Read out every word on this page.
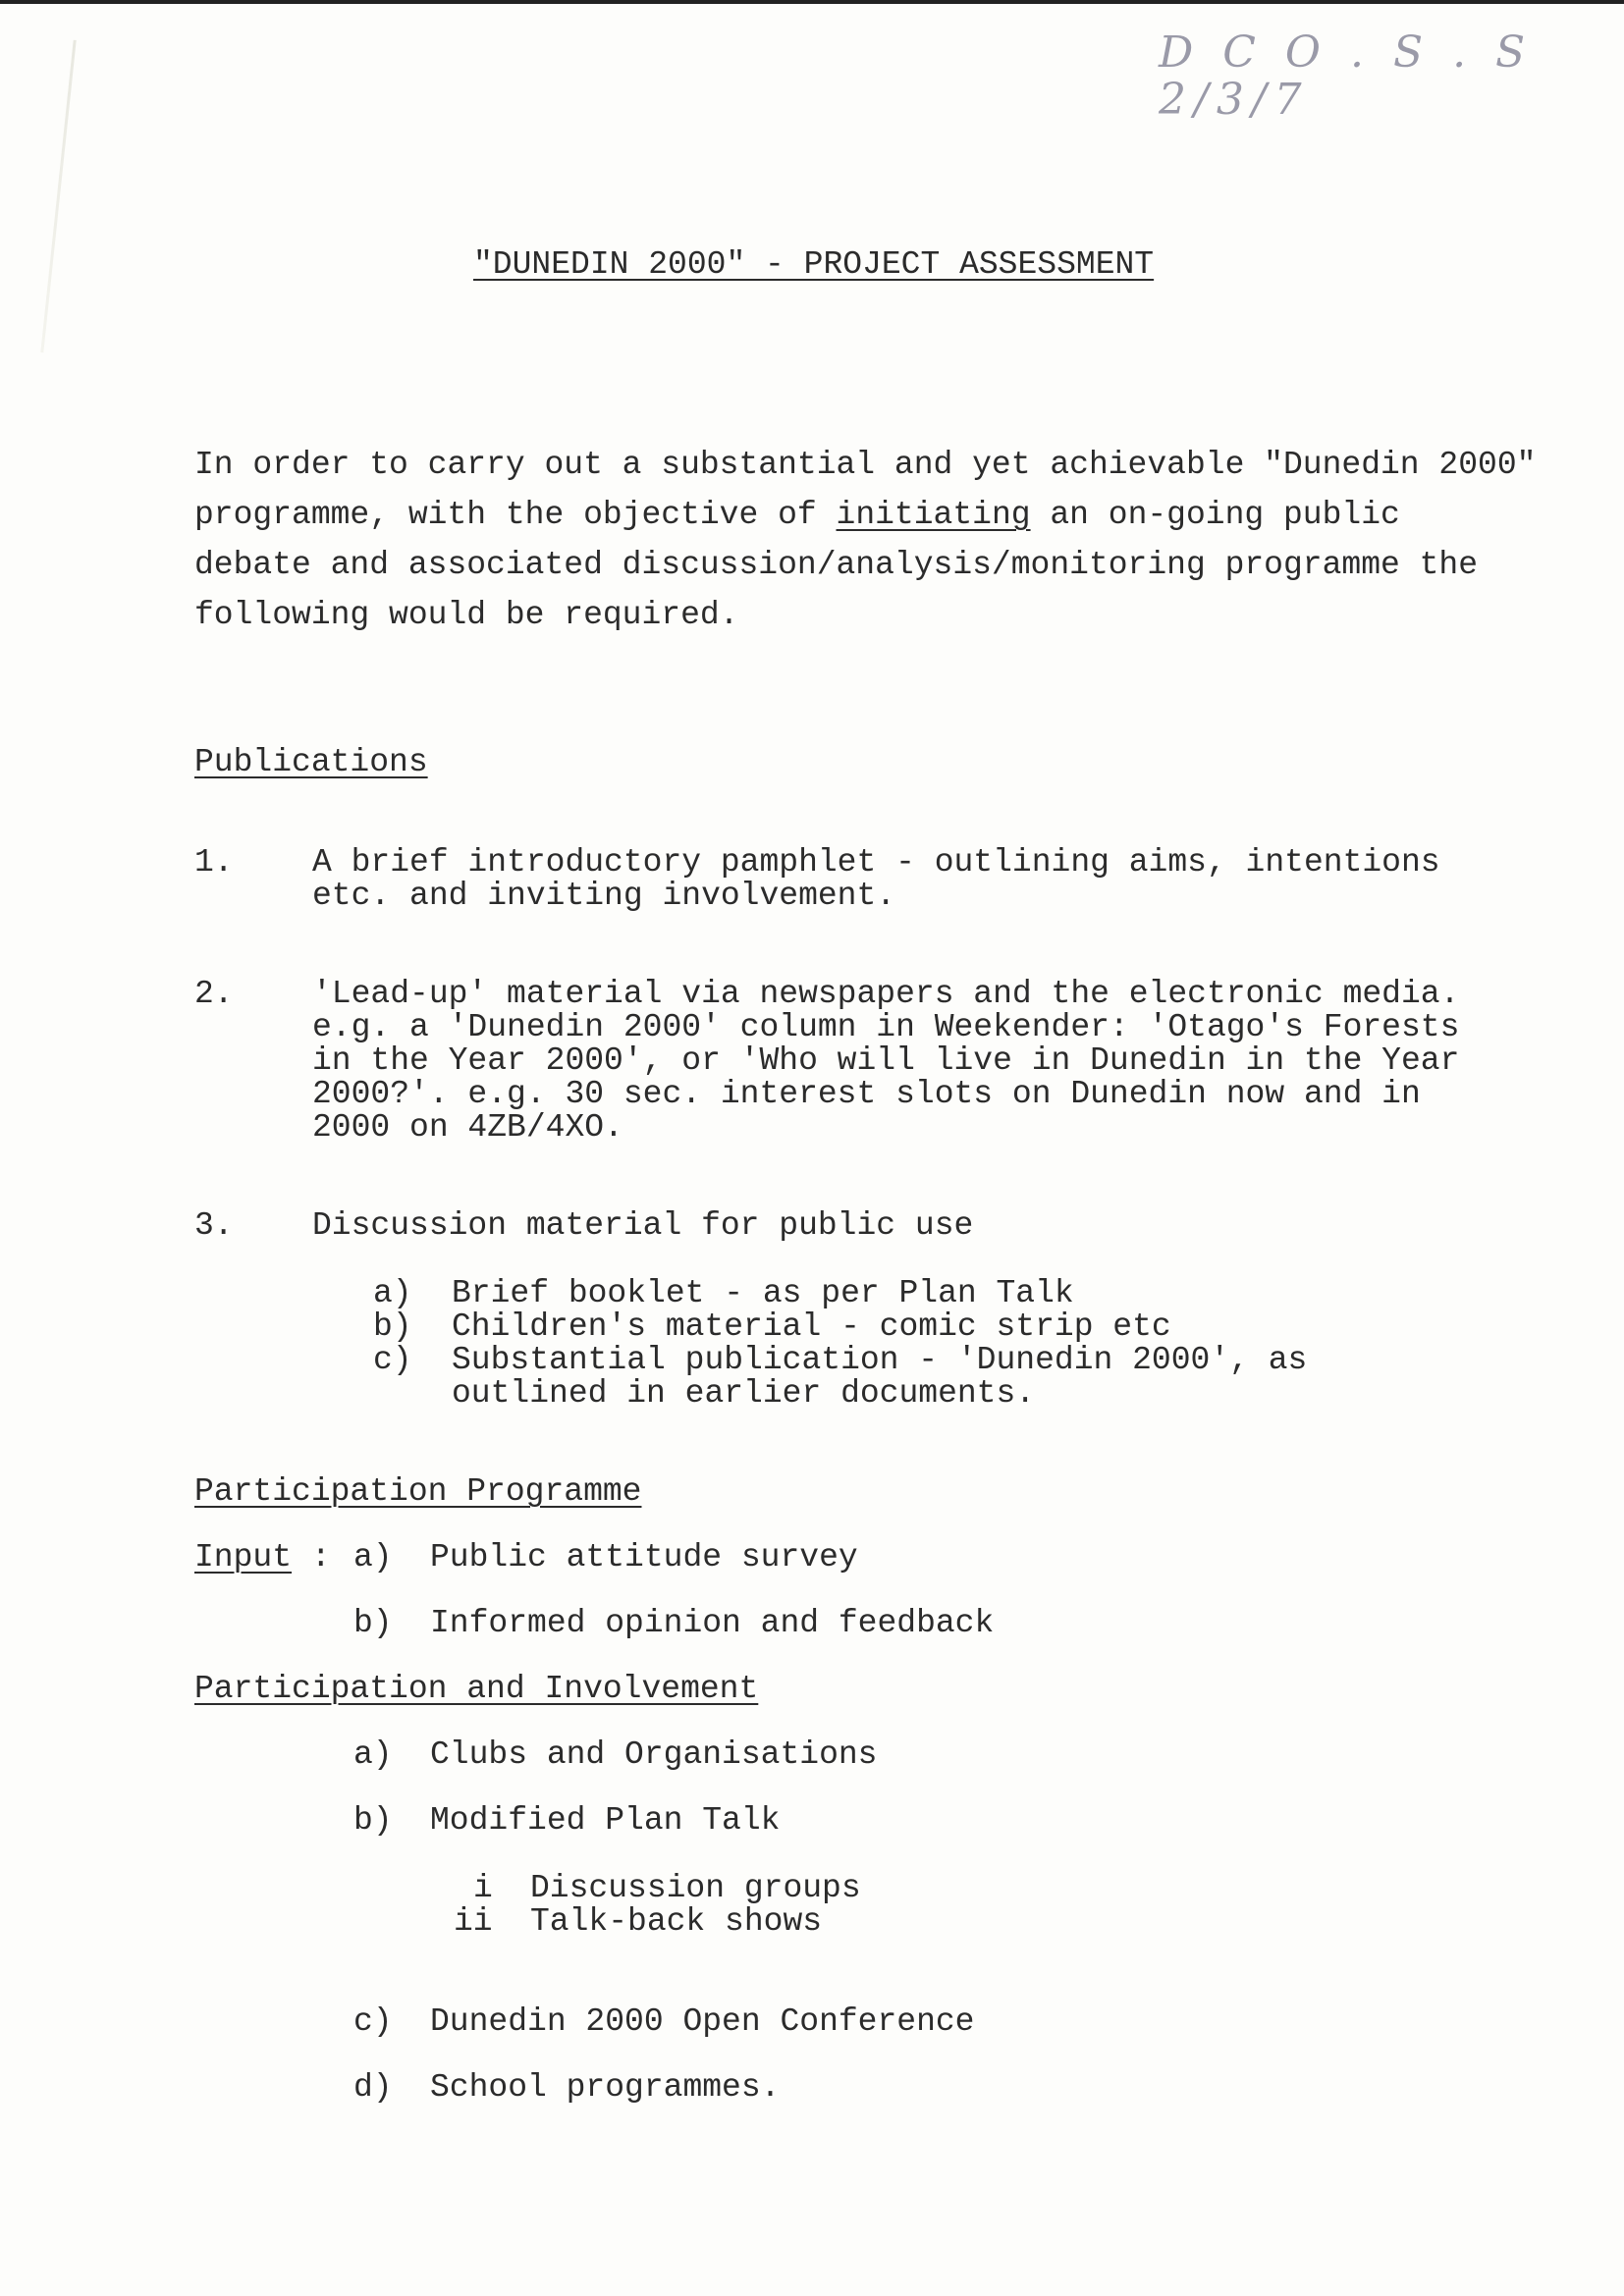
D C O . S . S
2/3/7
"DUNEDIN 2000" - PROJECT ASSESSMENT
In order to carry out a substantial and yet achievable "Dunedin 2000"
programme, with the objective of initiating an on-going public
debate and associated discussion/analysis/monitoring programme the
following would be required.
Publications
1. A brief introductory pamphlet - outlining aims, intentions
etc. and inviting involvement.
2. 'Lead-up' material via newspapers and the electronic media.
e.g. a 'Dunedin 2000' column in Weekender: 'Otago's Forests
in the Year 2000', or 'Who will live in Dunedin in the Year
2000?'. e.g. 30 sec. interest slots on Dunedin now and in
2000 on 4ZB/4XO.
3. Discussion material for public use
a) Brief booklet - as per Plan Talk
b) Children's material - comic strip etc
c) Substantial publication - 'Dunedin 2000', as
outlined in earlier documents.
Participation Programme
Input : a) Public attitude survey
b) Informed opinion and feedback
Participation and Involvement
a) Clubs and Organisations
b) Modified Plan Talk
i Discussion groups
ii Talk-back shows
c) Dunedin 2000 Open Conference
d) School programmes.
